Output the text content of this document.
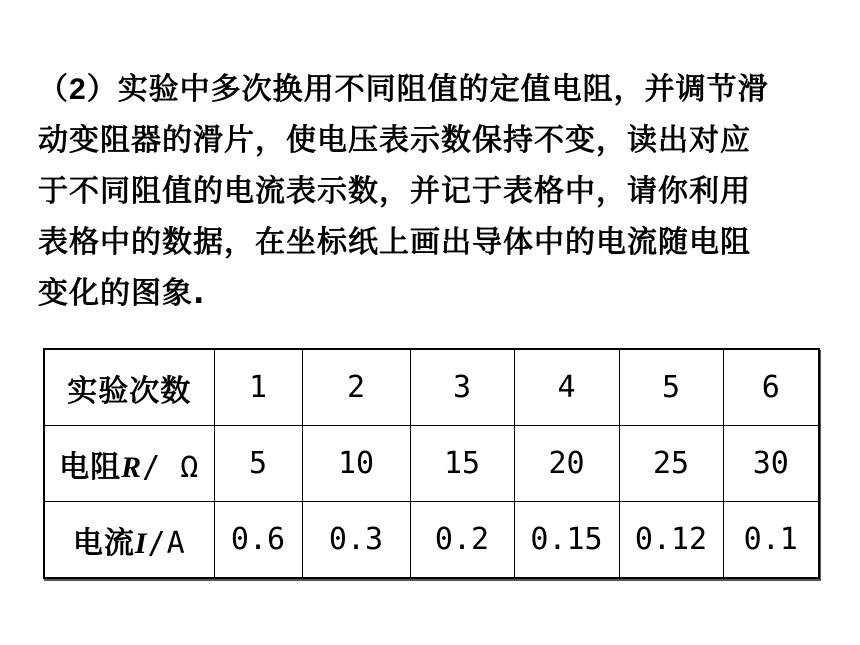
（2）实验中多次换用不同阻值的定值电阻，并调节滑
动变阻器的滑片，使电压表示数保持不变，读出对应
于不同阻值的电流表示数，并记于表格中，请你利用
表格中的数据，在坐标纸上画出导体中的电流随电阻
变化的图象.
实验次数	1	2	3	4	5	6
电阻R/ Ω	5	10	15	20	25	30
电流I/A	0.6	0.3	0.2	0.15	0.12	0.1
